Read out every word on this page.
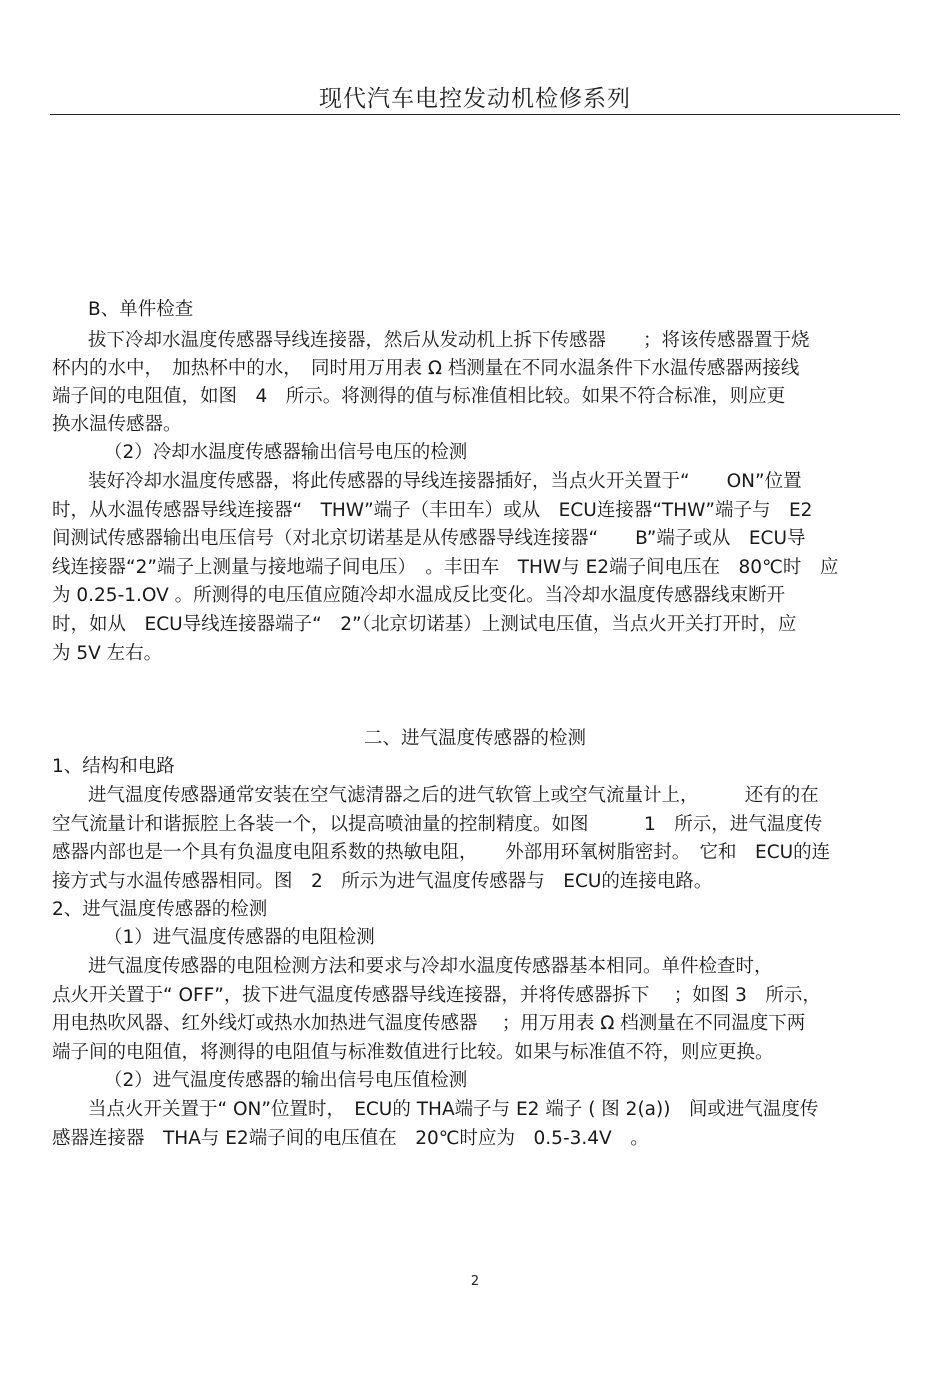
现代汽车电控发动机检修系列
B、单件检查
拔下冷却水温度传感器导线连接器，然后从发动机上拆下传感器　　；将该传感器置于烧
杯内的水中，　加热杯中的水，　同时用万用表 Ω 档测量在不同水温条件下水温传感器两接线
端子间的电阻值，如图　4　所示。将测得的值与标准值相比较。如果不符合标准，则应更
换水温传感器。
（2）冷却水温度传感器输出信号电压的检测
装好冷却水温度传感器，将此传感器的导线连接器插好，当点火开关置于“　　ON”位置
时，从水温传感器导线连接器“　THW”端子（丰田车）或从　ECU连接器“THW”端子与　E2
间测试传感器输出电压信号（对北京切诺基是从传感器导线连接器“　　B”端子或从　ECU导
线连接器“2”端子上测量与接地端子间电压）　。丰田车　THW与 E2端子间电压在　80℃时　应
为 0.25-1.OV 。所测得的电压值应随冷却水温成反比变化。当冷却水温度传感器线束断开
时，如从　ECU导线连接器端子“　2”（北京切诺基）上测试电压值，当点火开关打开时，应
为 5V 左右。
二、进气温度传感器的检测
1、结构和电路
进气温度传感器通常安装在空气滤清器之后的进气软管上或空气流量计上，　　　还有的在
空气流量计和谐振腔上各装一个，以提高喷油量的控制精度。如图　　　1　所示，进气温度传
感器内部也是一个具有负温度电阻系数的热敏电阻，　　外部用环氧树脂密封。　它和　ECU的连
接方式与水温传感器相同。图　2　所示为进气温度传感器与　ECU的连接电路。
2、进气温度传感器的检测
（1）进气温度传感器的电阻检测
进气温度传感器的电阻检测方法和要求与冷却水温度传感器基本相同。单件检查时，
点火开关置于“ OFF”，拔下进气温度传感器导线连接器，并将传感器拆下　 ；如图 3　所示，
用电热吹风器、红外线灯或热水加热进气温度传感器　 ；用万用表 Ω 档测量在不同温度下两
端子间的电阻值，将测得的电阻值与标准数值进行比较。如果与标准值不符，则应更换。
（2）进气温度传感器的输出信号电压值检测
当点火开关置于“ ON”位置时，　ECU的 THA端子与 E2 端子 ( 图 2(a))　间或进气温度传
感器连接器　THA与 E2端子间的电压值在　20℃时应为　0.5-3.4V　。
2
